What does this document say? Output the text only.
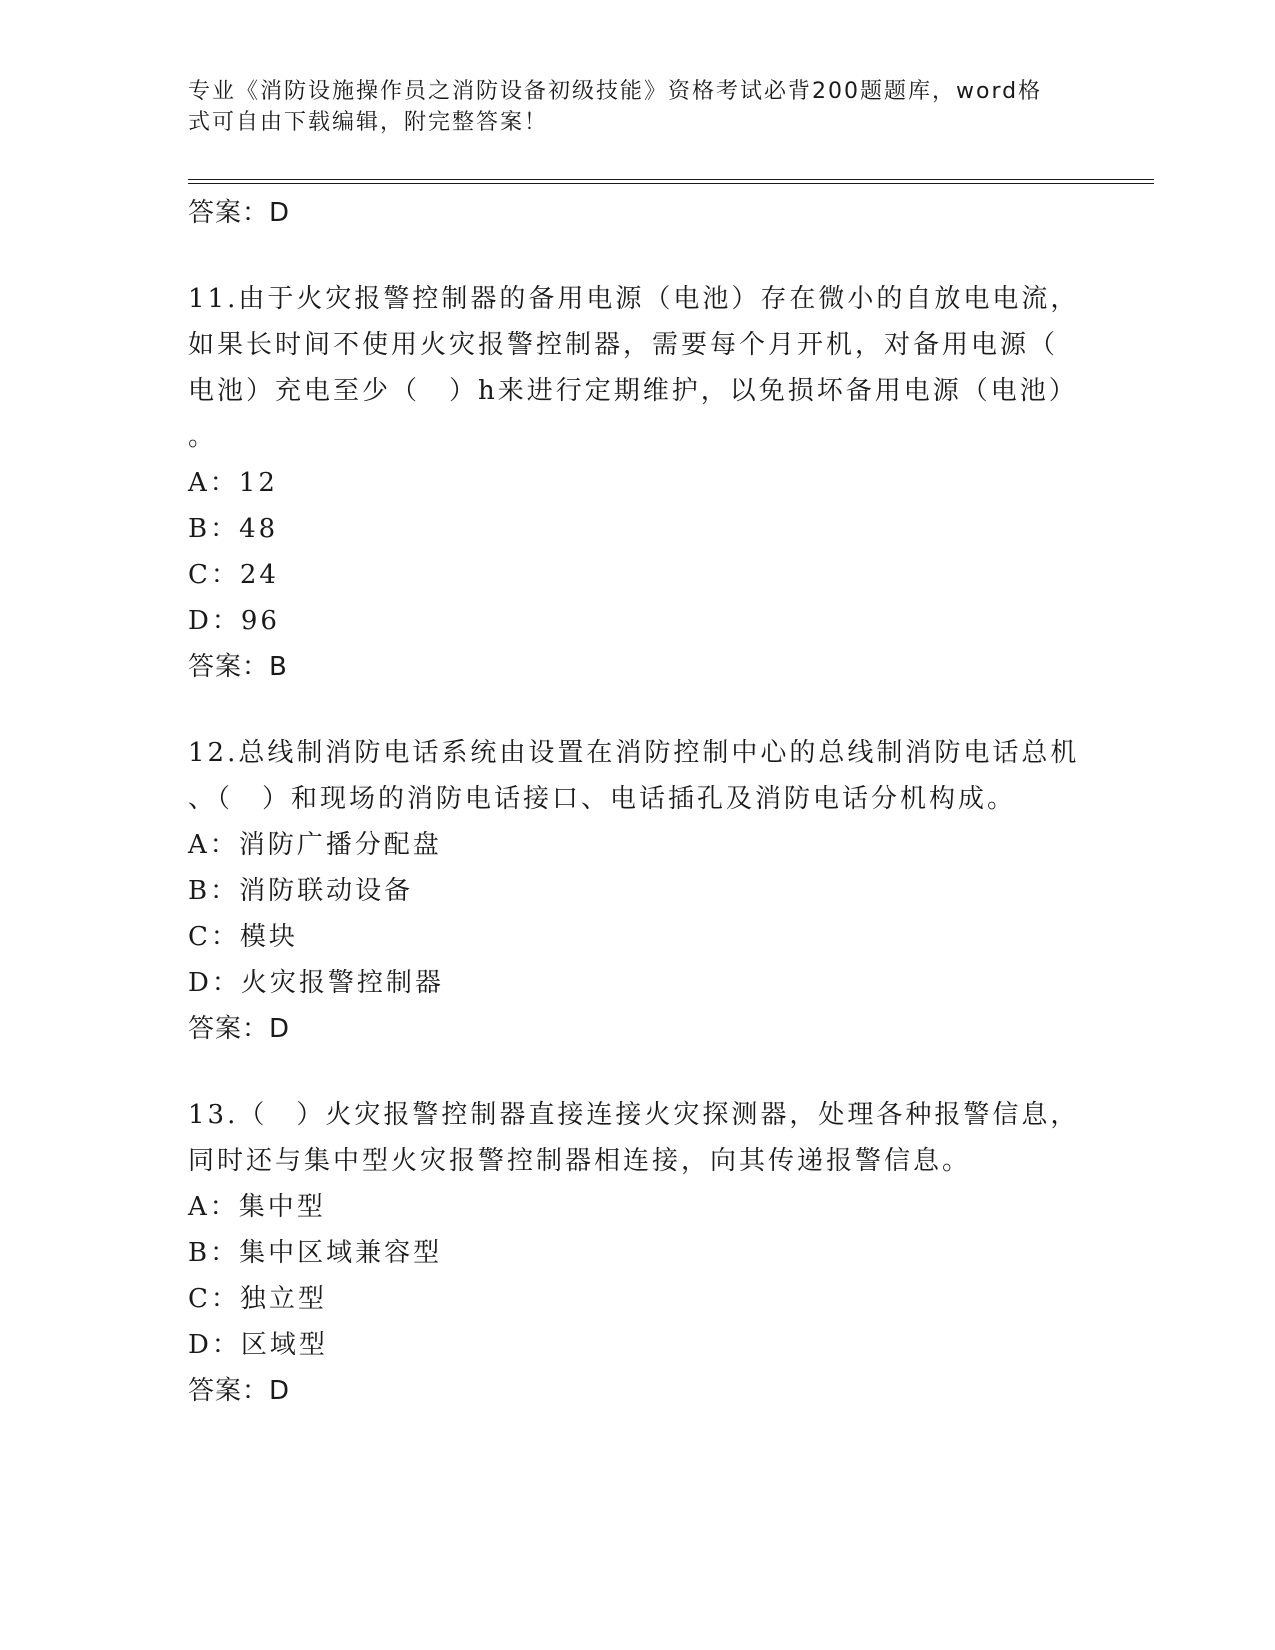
专业《消防设施操作员之消防设备初级技能》资格考试必背200题题库，word格
式可自由下载编辑，附完整答案！
答案：D
11.由于火灾报警控制器的备用电源（电池）存在微小的自放电电流，
如果长时间不使用火灾报警控制器，需要每个月开机，对备用电源（
电池）充电至少（　）h来进行定期维护，以免损坏备用电源（电池）
。
A：12
B：48
C：24
D：96
答案：B
12.总线制消防电话系统由设置在消防控制中心的总线制消防电话总机
、（　）和现场的消防电话接口、电话插孔及消防电话分机构成。
A：消防广播分配盘
B：消防联动设备
C：模块
D：火灾报警控制器
答案：D
13.（　）火灾报警控制器直接连接火灾探测器，处理各种报警信息，
同时还与集中型火灾报警控制器相连接，向其传递报警信息。
A：集中型
B：集中区域兼容型
C：独立型
D：区域型
答案：D
